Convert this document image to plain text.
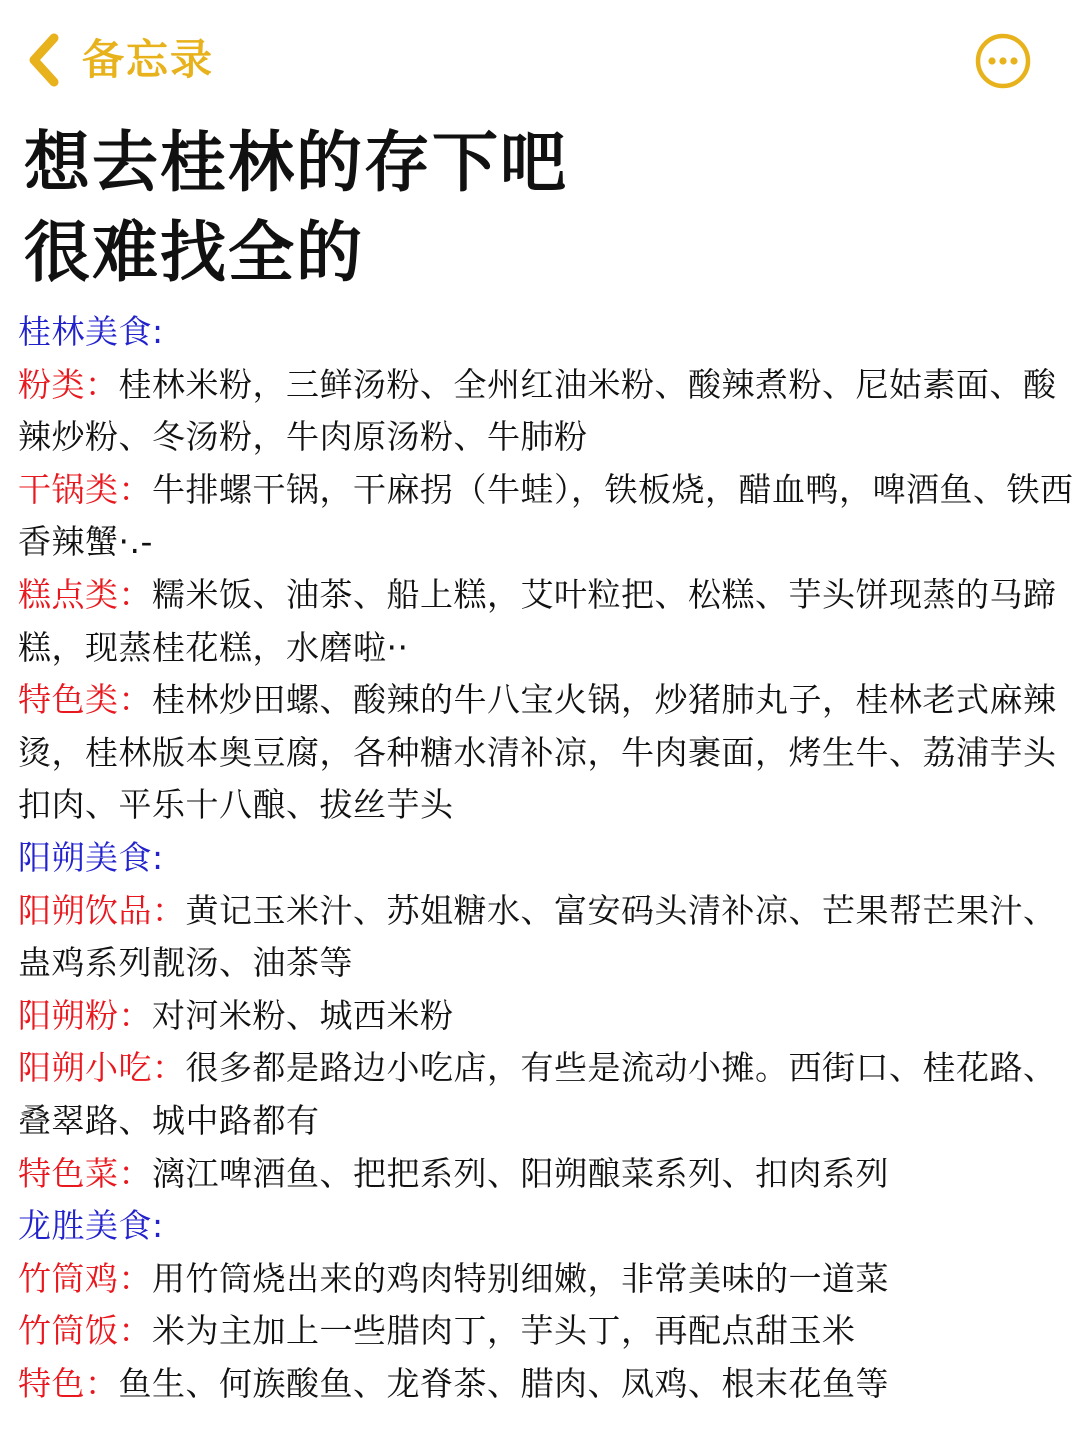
备忘录
想去桂林的存下吧
很难找全的

桂林美食:

粉类：桂林米粉，三鲜汤粉、全州红油米粉、酸辣煮粉、尼姑素面、酸辣炒粉、冬汤粉，牛肉原汤粉、牛肺粉

干锅类：牛排螺干锅，干麻拐（牛蛙），铁板烧，醋血鸭，啤酒鱼、铁西香辣蟹·.-

糕点类：糯米饭、油茶、船上糕，艾叶粒把、松糕、芋头饼现蒸的马蹄糕，现蒸桂花糕，水磨啦··

特色类：桂林炒田螺、酸辣的牛八宝火锅，炒猪肺丸子，桂林老式麻辣烫，桂林版本奥豆腐，各种糖水清补凉，牛肉裹面，烤生牛、荔浦芋头扣肉、平乐十八酿、拔丝芋头

阳朔美食:

阳朔饮品：黄记玉米汁、苏姐糖水、富安码头清补凉、芒果帮芒果汁、蛊鸡系列靓汤、油茶等

阳朔粉：对河米粉、城西米粉

阳朔小吃：很多都是路边小吃店，有些是流动小摊。西街口、桂花路、叠翠路、城中路都有

特色菜：漓江啤酒鱼、把把系列、阳朔酿菜系列、扣肉系列

龙胜美食:

竹筒鸡：用竹筒烧出来的鸡肉特别细嫩，非常美味的一道菜

竹筒饭：米为主加上一些腊肉丁，芋头丁，再配点甜玉米

特色：鱼生、何族酸鱼、龙脊茶、腊肉、凤鸡、根末花鱼等
